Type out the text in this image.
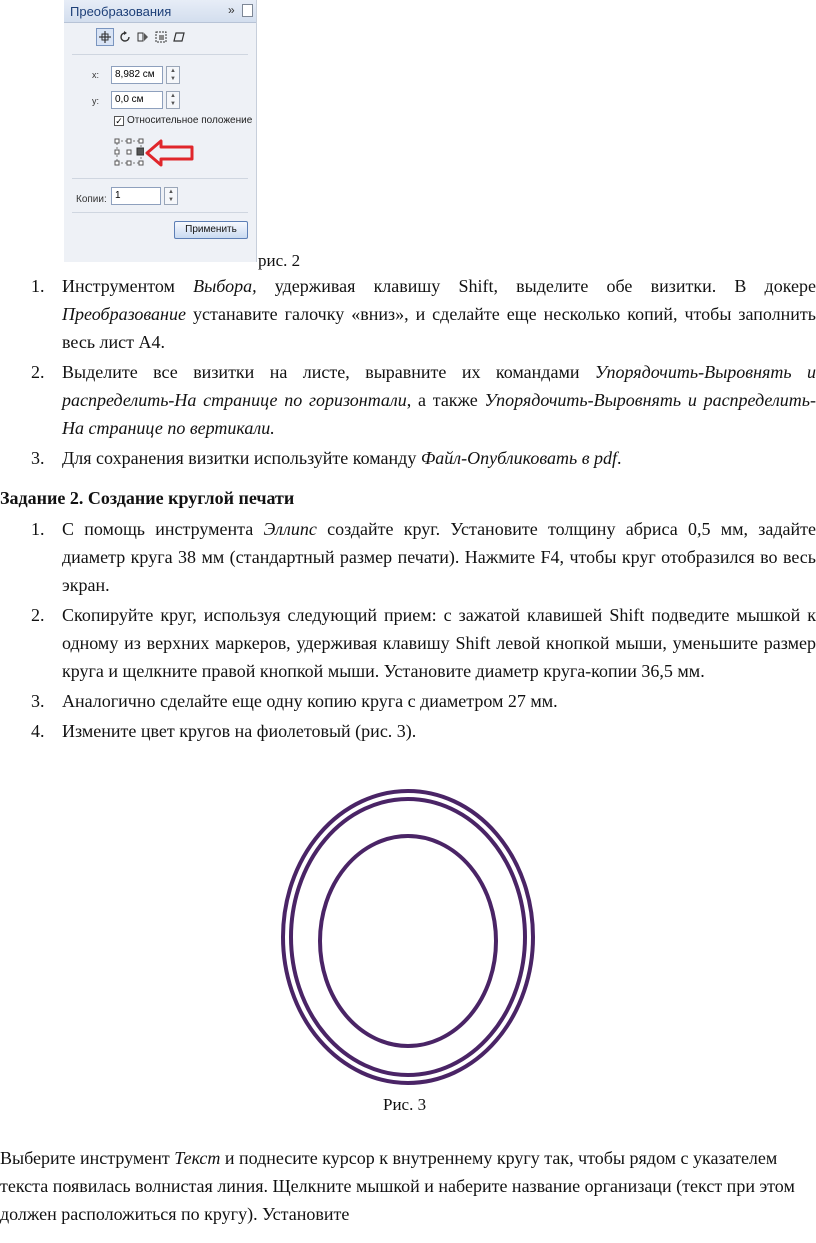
Преобразования	»
x:	8,982 см	▲
▼
y:	0,0 см	▲
▼
✓ Относительное положение
Копии: 1	▲
▼
Применить
рис. 2
1. Инструментом Выбора, удерживая клавишу Shift, выделите обе визитки. В докере Преобразование устанавите галочку «вниз», и сделайте еще несколько копий, чтобы заполнить весь лист А4.
2. Выделите все визитки на листе, выравните их командами Упорядочить-Выровнять и распределить-На странице по горизонтали, а также Упорядочить-Выровнять и распределить-На странице по вертикали.
3. Для сохранения визитки используйте команду Файл-Опубликовать в pdf.
Задание 2. Создание круглой печати
1. С помощь инструмента Эллипс создайте круг. Установите толщину абриса 0,5 мм, задайте диаметр круга 38 мм (стандартный размер печати). Нажмите F4, чтобы круг отобразился во весь экран.
2. Скопируйте круг, используя следующий прием: с зажатой клавишей Shift подведите мышкой к одному из верхних маркеров, удерживая клавишу Shift левой кнопкой мыши, уменьшите размер круга и щелкните правой кнопкой мыши. Установите диаметр круга-копии 36,5 мм.
3. Аналогично сделайте еще одну копию круга с диаметром 27 мм.
4. Измените цвет кругов на фиолетовый (рис. 3).
Рис. 3
Выберите инструмент Текст и поднесите курсор к внутреннему кругу так, чтобы рядом с указателем текста появилась волнистая линия. Щелкните мышкой и наберите название организаци (текст при этом должен расположиться по кругу). Установите
